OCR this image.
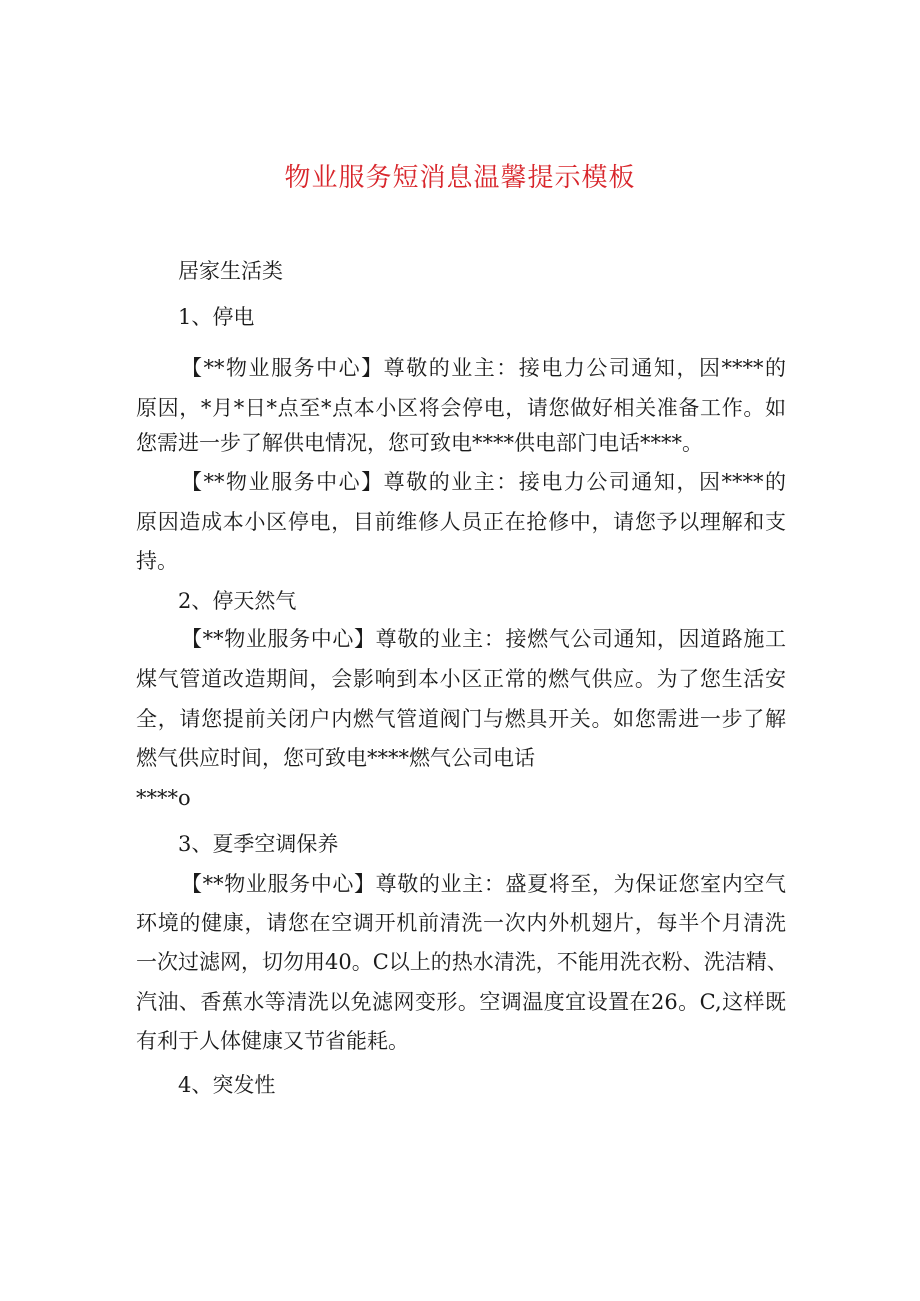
物业服务短消息温馨提示模板
居家生活类
1、停电
【**物业服务中心】尊敬的业主：接电力公司通知，因****的
原因，*月*日*点至*点本小区将会停电，请您做好相关准备工作。如
您需进一步了解供电情况，您可致电****供电部门电话****。
【**物业服务中心】尊敬的业主：接电力公司通知，因****的
原因造成本小区停电，目前维修人员正在抢修中，请您予以理解和支
持。
2、停天然气
【**物业服务中心】尊敬的业主：接燃气公司通知，因道路施工
煤气管道改造期间，会影响到本小区正常的燃气供应。为了您生活安
全，请您提前关闭户内燃气管道阀门与燃具开关。如您需进一步了解
燃气供应时间，您可致电****燃气公司电话
****o
3、夏季空调保养
【**物业服务中心】尊敬的业主：盛夏将至，为保证您室内空气
环境的健康，请您在空调开机前清洗一次内外机翅片，每半个月清洗
一次过滤网，切勿用40。C以上的热水清洗，不能用洗衣粉、洗洁精、
汽油、香蕉水等清洗以免滤网变形。空调温度宜设置在26。C,这样既
有利于人体健康又节省能耗。
4、突发性
